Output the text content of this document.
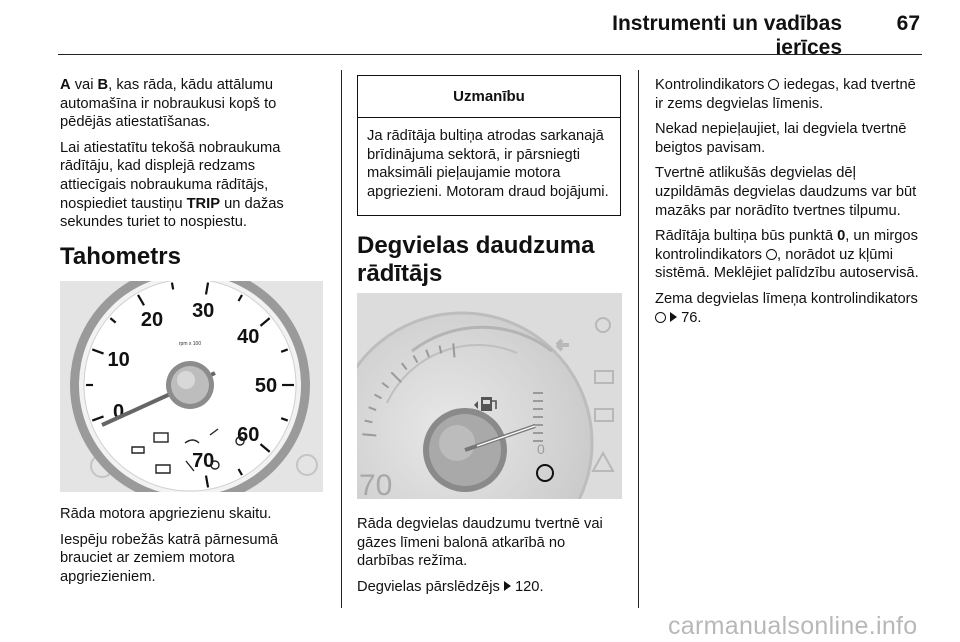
Instrumenti un vadības ierīces
67

A vai B, kas rāda, kādu attālumu automašīna ir nobraukusi kopš to pēdējās atiestatīšanas.

Lai atiestatītu tekošā nobraukuma rādītāju, kad displejā redzams attiecīgais nobraukuma rādītājs, nospiediet taustiņu TRIP un dažas sekundes turiet to nospiestu.

Tahometrs
0
10
20 30
40
50
60
70
rpm x 100

Rāda motora apgriezienu skaitu.

Iespēju robežās katrā pārnesumā brauciet ar zemiem motora apgriezieniem.

Uzmanību
Ja rādītāja bultiņa atrodas sarkanajā brīdinājuma sektorā, ir pārsniegti maksimāli pieļaujamie motora apgriezieni. Motoram draud bojājumi.
Degvielas daudzuma rādītājs
0
70

Rāda degvielas daudzumu tvertnē vai gāzes līmeni balonā atkarībā no darbības režīma.

Degvielas pārslēdzējs 120.

Kontrolindikators  iedegas, kad tvertnē ir zems degvielas līmenis.

Nekad nepieļaujiet, lai degviela tvertnē beigtos pavisam.

Tvertnē atlikušās degvielas dēļ uzpildāmās degvielas daudzums var būt mazāks par norādīto tvertnes tilpumu.

Rādītāja bultiņa būs punktā 0, un mirgos kontrolindikators , norādot uz kļūmi sistēmā. Meklējiet palīdzību autoservisā.

Zema degvielas līmeņa kontrolindikators  76.

carmanualsonline.info
